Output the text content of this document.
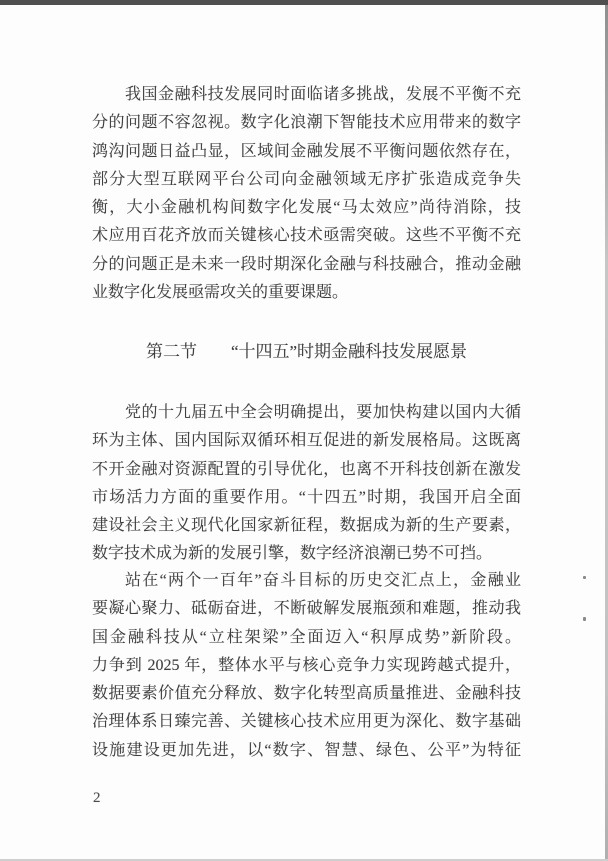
我国金融科技发展同时面临诸多挑战，发展不平衡不充
分的问题不容忽视。数字化浪潮下智能技术应用带来的数字
鸿沟问题日益凸显，区域间金融发展不平衡问题依然存在，
部分大型互联网平台公司向金融领域无序扩张造成竞争失
衡，大小金融机构间数字化发展“马太效应”尚待消除，技
术应用百花齐放而关键核心技术亟需突破。这些不平衡不充
分的问题正是未来一段时期深化金融与科技融合，推动金融
业数字化发展亟需攻关的重要课题。
第二节 “十四五”时期金融科技发展愿景
党的十九届五中全会明确提出，要加快构建以国内大循
环为主体、国内国际双循环相互促进的新发展格局。这既离
不开金融对资源配置的引导优化，也离不开科技创新在激发
市场活力方面的重要作用。“十四五”时期，我国开启全面
建设社会主义现代化国家新征程，数据成为新的生产要素，
数字技术成为新的发展引擎，数字经济浪潮已势不可挡。
站在“两个一百年”奋斗目标的历史交汇点上，金融业
要凝心聚力、砥砺奋进，不断破解发展瓶颈和难题，推动我
国金融科技从“立柱架梁”全面迈入“积厚成势”新阶段。
力争到 2025 年，整体水平与核心竞争力实现跨越式提升，
数据要素价值充分释放、数字化转型高质量推进、金融科技
治理体系日臻完善、关键核心技术应用更为深化、数字基础
设施建设更加先进，以“数字、智慧、绿色、公平”为特征
2
